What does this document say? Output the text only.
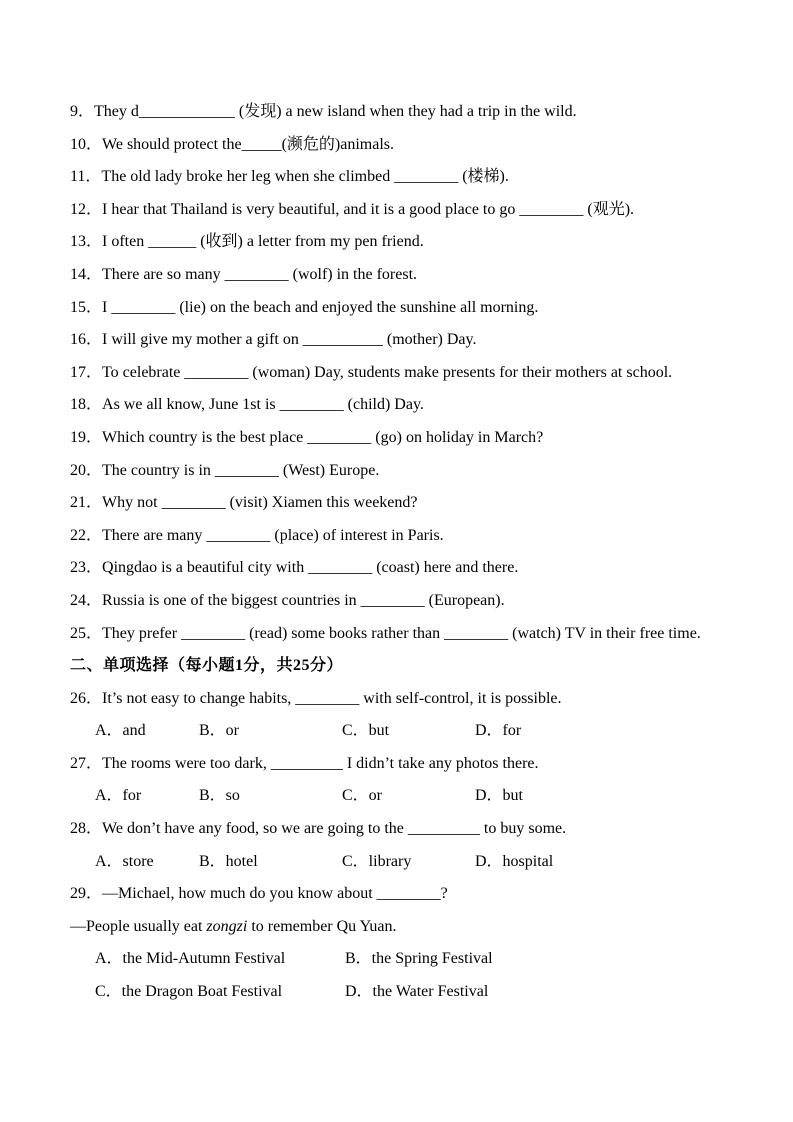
9．They d____________ (发现) a new island when they had a trip in the wild.
10．We should protect the_____(濒危的)animals.
11．The old lady broke her leg when she climbed ________ (楼梯).
12．I hear that Thailand is very beautiful, and it is a good place to go ________ (观光).
13．I often ______ (收到) a letter from my pen friend.
14．There are so many ________ (wolf) in the forest.
15．I ________ (lie) on the beach and enjoyed the sunshine all morning.
16．I will give my mother a gift on __________ (mother) Day.
17．To celebrate ________ (woman) Day, students make presents for their mothers at school.
18．As we all know, June 1st is ________ (child) Day.
19．Which country is the best place ________ (go) on holiday in March?
20．The country is in ________ (West) Europe.
21．Why not ________ (visit) Xiamen this weekend?
22．There are many ________ (place) of interest in Paris.
23．Qingdao is a beautiful city with ________ (coast) here and there.
24．Russia is one of the biggest countries in ________ (European).
25．They prefer ________ (read) some books rather than ________ (watch) TV in their free time.
二、单项选择（每小题1分，共25分）
26．It’s not easy to change habits, ________ with self-control, it is possible.
A．and	B．or	C．but	D．for
27．The rooms were too dark, _________ I didn’t take any photos there.
A．for	B．so	C．or	D．but
28．We don’t have any food, so we are going to the _________ to buy some.
A．store	B．hotel	C．library	D．hospital
29．—Michael, how much do you know about ________?
—People usually eat zongzi to remember Qu Yuan.
A．the Mid-Autumn Festival	B．the Spring Festival
C．the Dragon Boat Festival	D．the Water Festival
